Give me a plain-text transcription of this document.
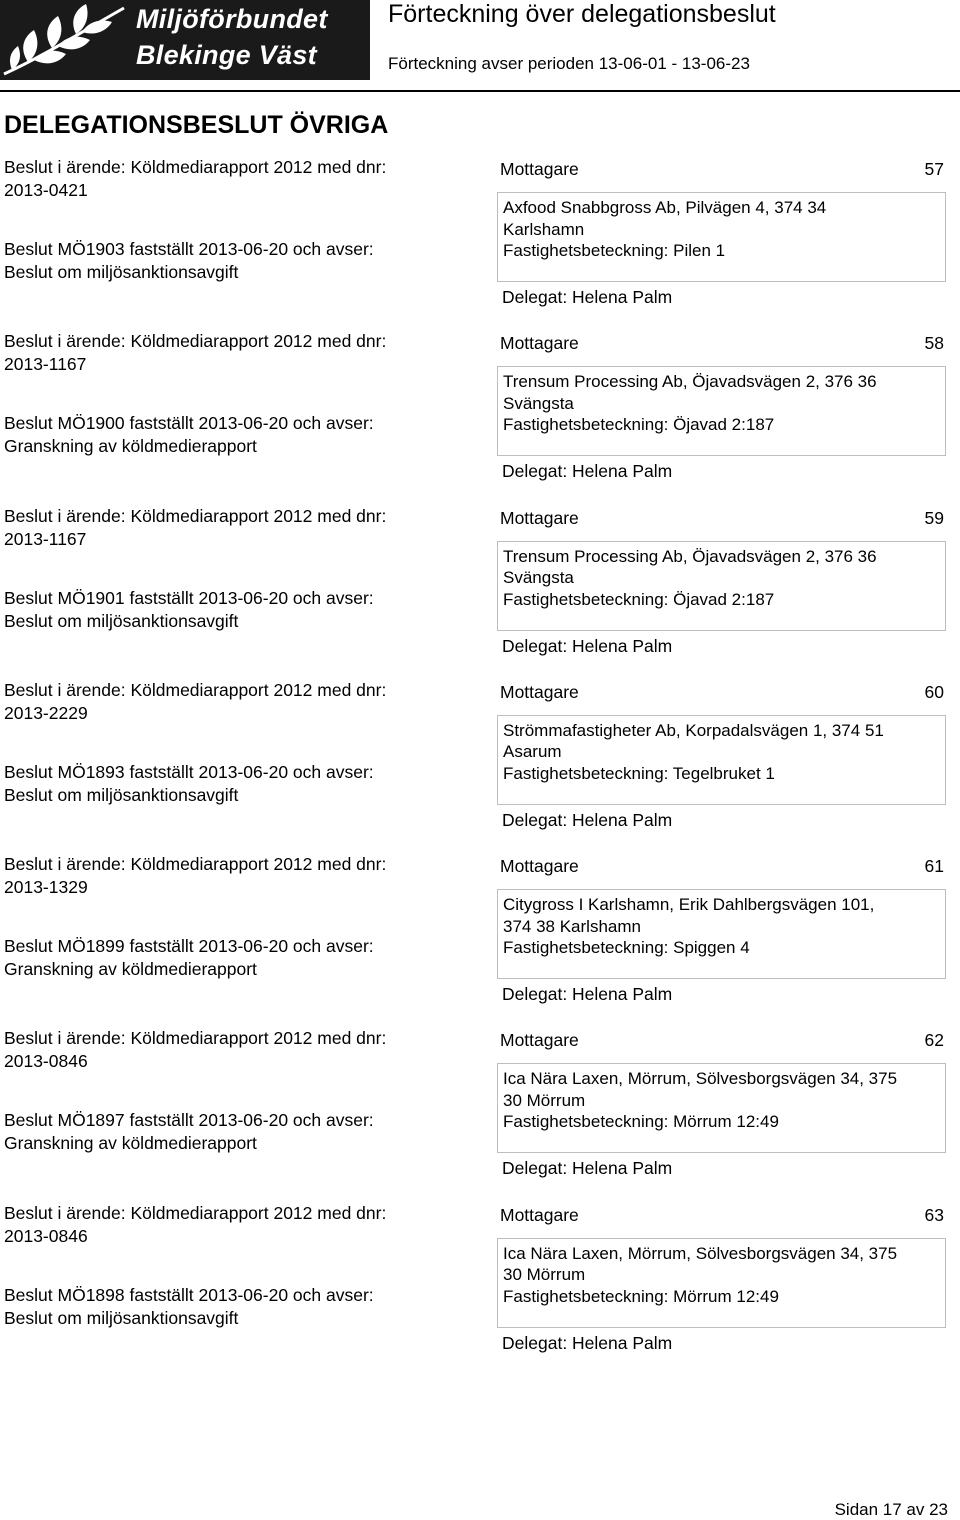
Miljöförbundet
Blekinge Väst
Förteckning över delegationsbeslut
Förteckning avser perioden 13-06-01 - 13-06-23
DELEGATIONSBESLUT ÖVRIGA

Beslut i ärende: Köldmediarapport 2012 med dnr:

2013-0421

Beslut MÖ1903 fastställt 2013-06-20 och avser:

Beslut om miljösanktionsavgift

Mottagare	57

Axfood Snabbgross Ab, Pilvägen 4, 374 34

Karlshamn

Fastighetsbeteckning: Pilen 1

Delegat: Helena Palm

Beslut i ärende: Köldmediarapport 2012 med dnr:

2013-1167

Beslut MÖ1900 fastställt 2013-06-20 och avser:

Granskning av köldmedierapport

Mottagare	58

Trensum Processing Ab, Öjavadsvägen 2, 376 36

Svängsta

Fastighetsbeteckning: Öjavad 2:187

Delegat: Helena Palm

Beslut i ärende: Köldmediarapport 2012 med dnr:

2013-1167

Beslut MÖ1901 fastställt 2013-06-20 och avser:

Beslut om miljösanktionsavgift

Mottagare	59

Trensum Processing Ab, Öjavadsvägen 2, 376 36

Svängsta

Fastighetsbeteckning: Öjavad 2:187

Delegat: Helena Palm

Beslut i ärende: Köldmediarapport 2012 med dnr:

2013-2229

Beslut MÖ1893 fastställt 2013-06-20 och avser:

Beslut om miljösanktionsavgift

Mottagare	60

Strömmafastigheter Ab, Korpadalsvägen 1, 374 51

Asarum

Fastighetsbeteckning: Tegelbruket 1

Delegat: Helena Palm

Beslut i ärende: Köldmediarapport 2012 med dnr:

2013-1329

Beslut MÖ1899 fastställt 2013-06-20 och avser:

Granskning av köldmedierapport

Mottagare	61

Citygross I Karlshamn, Erik Dahlbergsvägen 101,

374 38 Karlshamn

Fastighetsbeteckning: Spiggen 4

Delegat: Helena Palm

Beslut i ärende: Köldmediarapport 2012 med dnr:

2013-0846

Beslut MÖ1897 fastställt 2013-06-20 och avser:

Granskning av köldmedierapport

Mottagare	62

Ica Nära Laxen, Mörrum, Sölvesborgsvägen 34, 375

30 Mörrum

Fastighetsbeteckning: Mörrum 12:49

Delegat: Helena Palm

Beslut i ärende: Köldmediarapport 2012 med dnr:

2013-0846

Beslut MÖ1898 fastställt 2013-06-20 och avser:

Beslut om miljösanktionsavgift

Mottagare	63

Ica Nära Laxen, Mörrum, Sölvesborgsvägen 34, 375

30 Mörrum

Fastighetsbeteckning: Mörrum 12:49

Delegat: Helena Palm
Sidan 17 av 23
